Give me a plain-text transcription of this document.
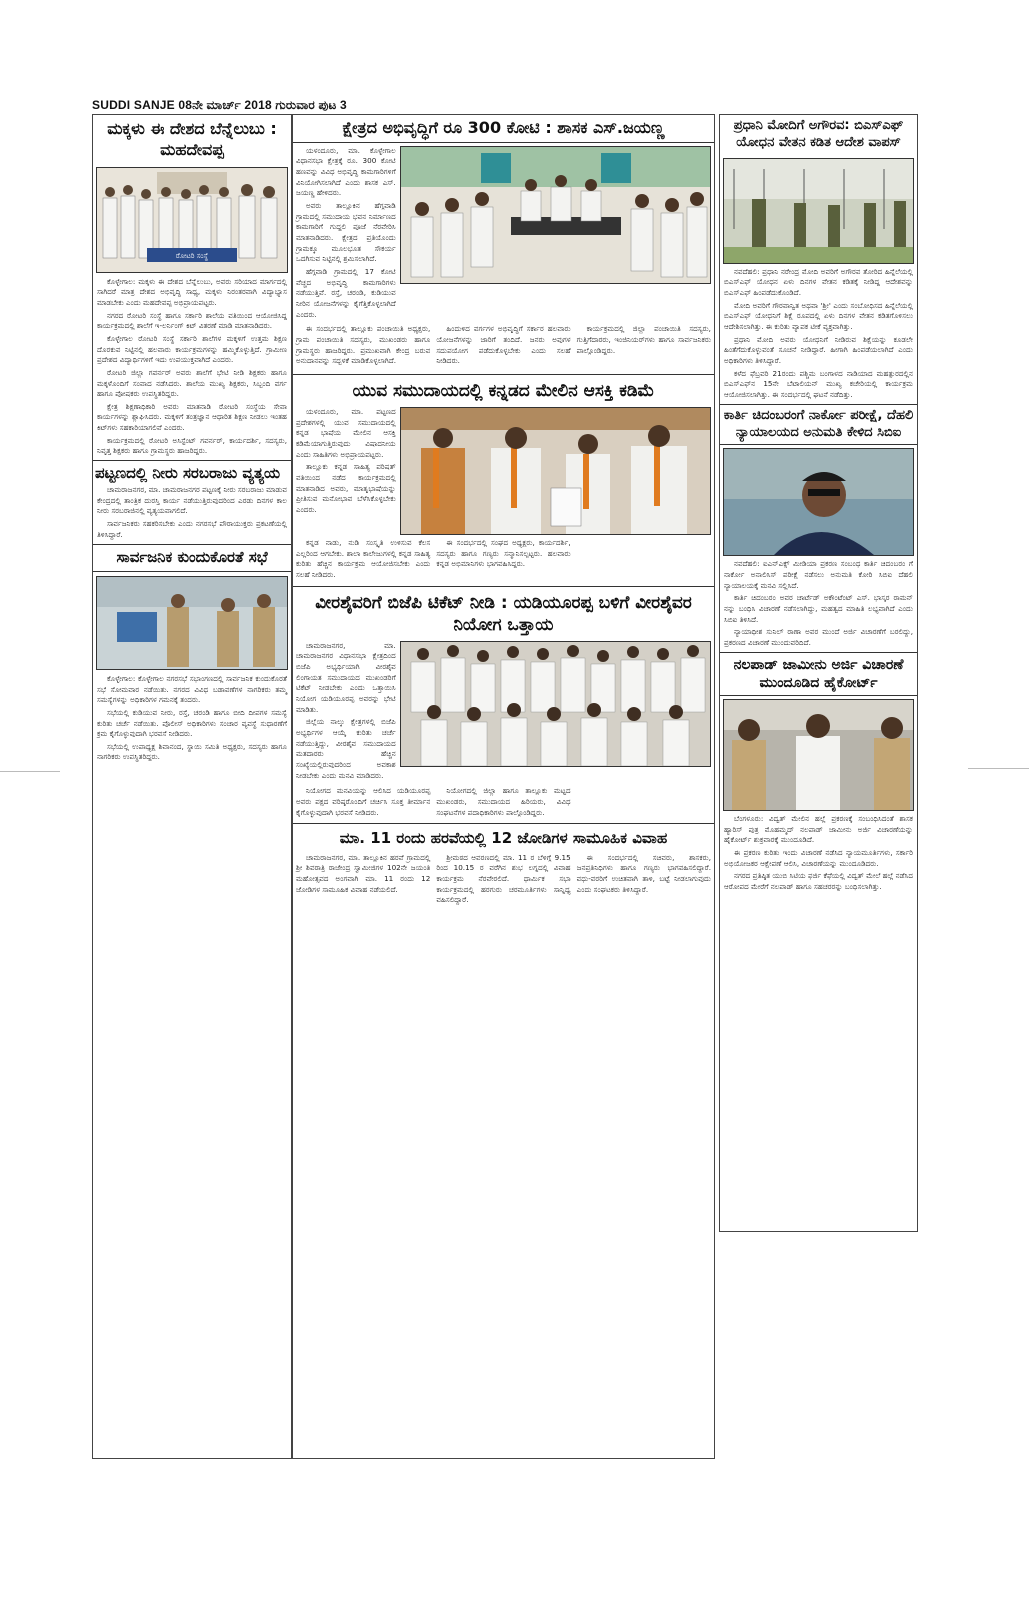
SUDDI SANJE 08ನೇ ಮಾರ್ಚ್ 2018 ಗುರುವಾರ ಪುಟ 3
ಮಕ್ಕಳು ಈ ದೇಶದ ಬೆನ್ನೆಲುಬು : ಮಹದೇವಪ್ಪ
ರೋಟರಿ ಸಂಸ್ಥೆ

ಕೊಳ್ಳೇಗಾಲ: ಮಕ್ಕಳು ಈ ದೇಶದ ಬೆನ್ನೆಲುಬು, ಅವರು ಸರಿಯಾದ ಮಾರ್ಗದಲ್ಲಿ ಸಾಗಿದರೆ ಮಾತ್ರ ದೇಶದ ಅಭಿವೃದ್ಧಿ ಸಾಧ್ಯ, ಮಕ್ಕಳು ನಿರಂತರವಾಗಿ ವಿದ್ಯಾಭ್ಯಾಸ ಮಾಡಬೇಕು ಎಂದು ಮಹದೇವಪ್ಪ ಅಭಿಪ್ರಾಯಪಟ್ಟರು.

ನಗರದ ರೋಟರಿ ಸಂಸ್ಥೆ ಹಾಗೂ ಸರ್ಕಾರಿ ಶಾಲೆಯ ವತಿಯಿಂದ ಆಯೋಜಿಸಿದ್ದ ಕಾರ್ಯಕ್ರಮದಲ್ಲಿ ಶಾಲೆಗೆ ಇ-ಲರ್ನಿಂಗ್ ಕಿಟ್ ವಿತರಣೆ ಮಾಡಿ ಮಾತನಾಡಿದರು.

ಕೊಳ್ಳೇಗಾಲ ರೋಟರಿ ಸಂಸ್ಥೆ ಸರ್ಕಾರಿ ಶಾಲೆಗಳ ಮಕ್ಕಳಿಗೆ ಉತ್ತಮ ಶಿಕ್ಷಣ ದೊರಕುವ ನಿಟ್ಟಿನಲ್ಲಿ ಹಲವಾರು ಕಾರ್ಯಕ್ರಮಗಳನ್ನು ಹಮ್ಮಿಕೊಳ್ಳುತ್ತಿದೆ. ಗ್ರಾಮೀಣ ಪ್ರದೇಶದ ವಿದ್ಯಾರ್ಥಿಗಳಿಗೆ ಇದು ಉಪಯುಕ್ತವಾಗಿದೆ ಎಂದರು.

ರೋಟರಿ ಜಿಲ್ಲಾ ಗವರ್ನರ್ ಅವರು ಶಾಲೆಗೆ ಭೇಟಿ ನೀಡಿ ಶಿಕ್ಷಕರು ಹಾಗೂ ಮಕ್ಕಳೊಂದಿಗೆ ಸಂವಾದ ನಡೆಸಿದರು. ಶಾಲೆಯ ಮುಖ್ಯ ಶಿಕ್ಷಕರು, ಸಿಬ್ಬಂದಿ ವರ್ಗ ಹಾಗೂ ಪೋಷಕರು ಉಪಸ್ಥಿತರಿದ್ದರು.

ಕ್ಷೇತ್ರ ಶಿಕ್ಷಣಾಧಿಕಾರಿ ಅವರು ಮಾತನಾಡಿ ರೋಟರಿ ಸಂಸ್ಥೆಯ ಸೇವಾ ಕಾರ್ಯಗಳನ್ನು ಶ್ಲಾಘಿಸಿದರು. ಮಕ್ಕಳಿಗೆ ತಂತ್ರಜ್ಞಾನ ಆಧಾರಿತ ಶಿಕ್ಷಣ ನೀಡಲು ಇಂತಹ ಕಿಟ್‌ಗಳು ಸಹಕಾರಿಯಾಗಲಿವೆ ಎಂದರು.

ಕಾರ್ಯಕ್ರಮದಲ್ಲಿ ರೋಟರಿ ಅಸಿಸ್ಟೆಂಟ್ ಗವರ್ನರ್, ಕಾರ್ಯದರ್ಶಿ, ಸದಸ್ಯರು, ನಿವೃತ್ತ ಶಿಕ್ಷಕರು ಹಾಗೂ ಗ್ರಾಮಸ್ಥರು ಹಾಜರಿದ್ದರು.

ಪಟ್ಟಣದಲ್ಲಿ ನೀರು ಸರಬರಾಜು ವ್ಯತ್ಯಯ

ಚಾಮರಾಜನಗರ, ಮಾ. ಚಾಮರಾಜನಗರ ಪಟ್ಟಣಕ್ಕೆ ನೀರು ಸರಬರಾಜು ಮಾಡುವ ಕೇಂದ್ರದಲ್ಲಿ ತಾಂತ್ರಿಕ ದುರಸ್ತಿ ಕಾರ್ಯ ನಡೆಯುತ್ತಿರುವುದರಿಂದ ಎರಡು ದಿನಗಳ ಕಾಲ ನೀರು ಸರಬರಾಜಿನಲ್ಲಿ ವ್ಯತ್ಯಯವಾಗಲಿದೆ.

ಸಾರ್ವಜನಿಕರು ಸಹಕರಿಸಬೇಕು ಎಂದು ನಗರಸಭೆ ಪೌರಾಯುಕ್ತರು ಪ್ರಕಟಣೆಯಲ್ಲಿ ತಿಳಿಸಿದ್ದಾರೆ.

ಸಾರ್ವಜನಿಕ ಕುಂದುಕೊರತೆ ಸಭೆ

ಕೊಳ್ಳೇಗಾಲ: ಕೊಳ್ಳೇಗಾಲ ನಗರಸಭೆ ಸಭಾಂಗಣದಲ್ಲಿ ಸಾರ್ವಜನಿಕ ಕುಂದುಕೊರತೆ ಸಭೆ ಸೋಮವಾರ ನಡೆಯಿತು. ನಗರದ ವಿವಿಧ ಬಡಾವಣೆಗಳ ನಾಗರಿಕರು ತಮ್ಮ ಸಮಸ್ಯೆಗಳನ್ನು ಅಧಿಕಾರಿಗಳ ಗಮನಕ್ಕೆ ತಂದರು.

ಸಭೆಯಲ್ಲಿ ಕುಡಿಯುವ ನೀರು, ರಸ್ತೆ, ಚರಂಡಿ ಹಾಗೂ ಬೀದಿ ದೀಪಗಳ ಸಮಸ್ಯೆ ಕುರಿತು ಚರ್ಚೆ ನಡೆಯಿತು. ಪೊಲೀಸ್ ಅಧಿಕಾರಿಗಳು ಸಂಚಾರ ವ್ಯವಸ್ಥೆ ಸುಧಾರಣೆಗೆ ಕ್ರಮ ಕೈಗೊಳ್ಳುವುದಾಗಿ ಭರವಸೆ ನೀಡಿದರು.

ಸಭೆಯಲ್ಲಿ ಉಪಾಧ್ಯಕ್ಷ ಶಿವಾನಂದ, ಸ್ಥಾಯಿ ಸಮಿತಿ ಅಧ್ಯಕ್ಷರು, ಸದಸ್ಯರು ಹಾಗೂ ನಾಗರಿಕರು ಉಪಸ್ಥಿತರಿದ್ದರು.

ಕ್ಷೇತ್ರದ ಅಭಿವೃದ್ಧಿಗೆ ರೂ 300 ಕೋಟಿ : ಶಾಸಕ ಎಸ್.ಜಯಣ್ಣ

ಯಳಂದೂರು, ಮಾ. ಕೊಳ್ಳೇಗಾಲ ವಿಧಾನಸಭಾ ಕ್ಷೇತ್ರಕ್ಕೆ ರೂ. 300 ಕೋಟಿ ಹಣವನ್ನು ವಿವಿಧ ಅಭಿವೃದ್ಧಿ ಕಾಮಗಾರಿಗಳಿಗೆ ವಿನಿಯೋಗಿಸಲಾಗಿದೆ ಎಂದು ಶಾಸಕ ಎಸ್. ಜಯಣ್ಣ ಹೇಳಿದರು.

ಅವರು ತಾಲ್ಲೂಕಿನ ಹೆಗ್ಗವಾಡಿ ಗ್ರಾಮದಲ್ಲಿ ಸಮುದಾಯ ಭವನ ನಿರ್ಮಾಣದ ಕಾಮಗಾರಿಗೆ ಗುದ್ದಲಿ ಪೂಜೆ ನೆರವೇರಿಸಿ ಮಾತನಾಡಿದರು. ಕ್ಷೇತ್ರದ ಪ್ರತಿಯೊಂದು ಗ್ರಾಮಕ್ಕೂ ಮೂಲಭೂತ ಸೌಕರ್ಯ ಒದಗಿಸುವ ನಿಟ್ಟಿನಲ್ಲಿ ಶ್ರಮಿಸಲಾಗಿದೆ.

ಹೆಗ್ಗವಾಡಿ ಗ್ರಾಮದಲ್ಲಿ 17 ಕೋಟಿ ವೆಚ್ಚದ ಅಭಿವೃದ್ಧಿ ಕಾಮಗಾರಿಗಳು ನಡೆಯುತ್ತಿವೆ. ರಸ್ತೆ, ಚರಂಡಿ, ಕುಡಿಯುವ ನೀರಿನ ಯೋಜನೆಗಳನ್ನು ಕೈಗೆತ್ತಿಕೊಳ್ಳಲಾಗಿದೆ ಎಂದರು.

ಈ ಸಂದರ್ಭದಲ್ಲಿ ತಾಲ್ಲೂಕು ಪಂಚಾಯಿತಿ ಅಧ್ಯಕ್ಷರು, ಗ್ರಾಮ ಪಂಚಾಯಿತಿ ಸದಸ್ಯರು, ಮುಖಂಡರು ಹಾಗೂ ಗ್ರಾಮಸ್ಥರು ಹಾಜರಿದ್ದರು. ಪ್ರಮುಖವಾಗಿ ಕೇಂದ್ರ ಬರುವ ಅನುದಾನವನ್ನು ಸದ್ಬಳಕೆ ಮಾಡಿಕೊಳ್ಳಲಾಗಿದೆ.

ಹಿಂದುಳಿದ ವರ್ಗಗಳ ಅಭಿವೃದ್ಧಿಗೆ ಸರ್ಕಾರ ಹಲವಾರು ಯೋಜನೆಗಳನ್ನು ಜಾರಿಗೆ ತಂದಿದೆ. ಜನರು ಅವುಗಳ ಸದುಪಯೋಗ ಪಡೆದುಕೊಳ್ಳಬೇಕು ಎಂದು ಸಲಹೆ ನೀಡಿದರು.

ಕಾರ್ಯಕ್ರಮದಲ್ಲಿ ಜಿಲ್ಲಾ ಪಂಚಾಯಿತಿ ಸದಸ್ಯರು, ಗುತ್ತಿಗೆದಾರರು, ಇಂಜಿನಿಯರ್‌ಗಳು ಹಾಗೂ ಸಾರ್ವಜನಿಕರು ಪಾಲ್ಗೊಂಡಿದ್ದರು.

ಯುವ ಸಮುದಾಯದಲ್ಲಿ ಕನ್ನಡದ ಮೇಲಿನ ಆಸಕ್ತಿ ಕಡಿಮೆ

ಯಳಂದೂರು, ಮಾ. ಪಟ್ಟಣದ ಪ್ರದೇಶಗಳಲ್ಲಿ ಯುವ ಸಮುದಾಯದಲ್ಲಿ ಕನ್ನಡ ಭಾಷೆಯ ಮೇಲಿನ ಆಸಕ್ತಿ ಕಡಿಮೆಯಾಗುತ್ತಿರುವುದು ವಿಷಾದನೀಯ ಎಂದು ಸಾಹಿತಿಗಳು ಅಭಿಪ್ರಾಯಪಟ್ಟರು.

ತಾಲ್ಲೂಕು ಕನ್ನಡ ಸಾಹಿತ್ಯ ಪರಿಷತ್ ವತಿಯಿಂದ ನಡೆದ ಕಾರ್ಯಕ್ರಮದಲ್ಲಿ ಮಾತನಾಡಿದ ಅವರು, ಮಾತೃಭಾಷೆಯನ್ನು ಪ್ರೀತಿಸುವ ಮನೋಭಾವ ಬೆಳೆಸಿಕೊಳ್ಳಬೇಕು ಎಂದರು.

ಕನ್ನಡ ನಾಡು, ನುಡಿ ಸಂಸ್ಕೃತಿ ಉಳಿಸುವ ಕೆಲಸ ಎಲ್ಲರಿಂದ ಆಗಬೇಕು. ಶಾಲಾ ಕಾಲೇಜುಗಳಲ್ಲಿ ಕನ್ನಡ ಸಾಹಿತ್ಯ ಕುರಿತು ಹೆಚ್ಚಿನ ಕಾರ್ಯಕ್ರಮ ಆಯೋಜಿಸಬೇಕು ಎಂದು ಸಲಹೆ ನೀಡಿದರು.

ಈ ಸಂದರ್ಭದಲ್ಲಿ ಸಂಘದ ಅಧ್ಯಕ್ಷರು, ಕಾರ್ಯದರ್ಶಿ, ಸದಸ್ಯರು ಹಾಗೂ ಗಣ್ಯರು ಸನ್ಮಾನಿಸಲ್ಪಟ್ಟರು. ಹಲವಾರು ಕನ್ನಡ ಅಭಿಮಾನಿಗಳು ಭಾಗವಹಿಸಿದ್ದರು.

ವೀರಶೈವರಿಗೆ ಬಿಜೆಪಿ ಟಿಕೆಟ್ ನೀಡಿ : ಯಡಿಯೂರಪ್ಪ ಬಳಿಗೆ ವೀರಶೈವರ ನಿಯೋಗ ಒತ್ತಾಯ

ಚಾಮರಾಜನಗರ, ಮಾ. ಚಾಮರಾಜನಗರ ವಿಧಾನಸಭಾ ಕ್ಷೇತ್ರದಿಂದ ಬಿಜೆಪಿ ಅಭ್ಯರ್ಥಿಯಾಗಿ ವೀರಶೈವ ಲಿಂಗಾಯತ ಸಮುದಾಯದ ಮುಖಂಡರಿಗೆ ಟಿಕೆಟ್ ನೀಡಬೇಕು ಎಂದು ಒತ್ತಾಯಿಸಿ ನಿಯೋಗ ಯಡಿಯೂರಪ್ಪ ಅವರನ್ನು ಭೇಟಿ ಮಾಡಿತು.

ಜಿಲ್ಲೆಯ ನಾಲ್ಕು ಕ್ಷೇತ್ರಗಳಲ್ಲಿ ಬಿಜೆಪಿ ಅಭ್ಯರ್ಥಿಗಳ ಆಯ್ಕೆ ಕುರಿತು ಚರ್ಚೆ ನಡೆಯುತ್ತಿದ್ದು, ವೀರಶೈವ ಸಮುದಾಯದ ಮತದಾರರು ಹೆಚ್ಚಿನ ಸಂಖ್ಯೆಯಲ್ಲಿರುವುದರಿಂದ ಅವಕಾಶ ನೀಡಬೇಕು ಎಂದು ಮನವಿ ಮಾಡಿದರು.

ನಿಯೋಗದ ಮನವಿಯನ್ನು ಆಲಿಸಿದ ಯಡಿಯೂರಪ್ಪ ಅವರು ಪಕ್ಷದ ವರಿಷ್ಠರೊಂದಿಗೆ ಚರ್ಚಿಸಿ ಸೂಕ್ತ ತೀರ್ಮಾನ ಕೈಗೊಳ್ಳುವುದಾಗಿ ಭರವಸೆ ನೀಡಿದರು.

ನಿಯೋಗದಲ್ಲಿ ಜಿಲ್ಲಾ ಹಾಗೂ ತಾಲ್ಲೂಕು ಮಟ್ಟದ ಮುಖಂಡರು, ಸಮುದಾಯದ ಹಿರಿಯರು, ವಿವಿಧ ಸಂಘಟನೆಗಳ ಪದಾಧಿಕಾರಿಗಳು ಪಾಲ್ಗೊಂಡಿದ್ದರು.

ಮಾ. 11 ರಂದು ಹರವೆಯಲ್ಲಿ 12 ಜೋಡಿಗಳ ಸಾಮೂಹಿಕ ವಿವಾಹ

ಚಾಮರಾಜನಗರ, ಮಾ. ತಾಲ್ಲೂಕಿನ ಹರವೆ ಗ್ರಾಮದಲ್ಲಿ ಶ್ರೀ ಶಿವರಾತ್ರಿ ರಾಜೇಂದ್ರ ಸ್ವಾಮೀಜಿಗಳ 102ನೇ ಜಯಂತಿ ಮಹೋತ್ಸವದ ಅಂಗವಾಗಿ ಮಾ. 11 ರಂದು 12 ಜೋಡಿಗಳ ಸಾಮೂಹಿಕ ವಿವಾಹ ನಡೆಯಲಿದೆ.

ಶ್ರೀಮಠದ ಆವರಣದಲ್ಲಿ ಮಾ. 11 ರ ಬೆಳಿಗ್ಗೆ 9.15 ರಿಂದ 10.15 ರ ವರೆಗಿನ ಶುಭ ಲಗ್ನದಲ್ಲಿ ವಿವಾಹ ಕಾರ್ಯಕ್ರಮ ನೆರವೇರಲಿದೆ. ಧಾರ್ಮಿಕ ಸಭಾ ಕಾರ್ಯಕ್ರಮದಲ್ಲಿ ಹರಗುರು ಚರಮೂರ್ತಿಗಳು ಸಾನ್ನಿಧ್ಯ ವಹಿಸಲಿದ್ದಾರೆ.

ಈ ಸಂದರ್ಭದಲ್ಲಿ ಸಚಿವರು, ಶಾಸಕರು, ಜನಪ್ರತಿನಿಧಿಗಳು ಹಾಗೂ ಗಣ್ಯರು ಭಾಗವಹಿಸಲಿದ್ದಾರೆ. ವಧು-ವರರಿಗೆ ಉಚಿತವಾಗಿ ತಾಳಿ, ಬಟ್ಟೆ ನೀಡಲಾಗುವುದು ಎಂದು ಸಂಘಟಕರು ತಿಳಿಸಿದ್ದಾರೆ.

ಪ್ರಧಾನಿ ಮೋದಿಗೆ ಅಗೌರವ: ಬಿಎಸ್‌ಎಫ್ ಯೋಧನ ವೇತನ ಕಡಿತ ಆದೇಶ ವಾಪಸ್

ನವದೆಹಲಿ: ಪ್ರಧಾನಿ ನರೇಂದ್ರ ಮೋದಿ ಅವರಿಗೆ ಅಗೌರವ ತೋರಿದ ಹಿನ್ನೆಲೆಯಲ್ಲಿ ಬಿಎಸ್‌ಎಫ್ ಯೋಧನ ಏಳು ದಿನಗಳ ವೇತನ ಕಡಿತಕ್ಕೆ ನೀಡಿದ್ದ ಆದೇಶವನ್ನು ಬಿಎಸ್‌ಎಫ್ ಹಿಂಪಡೆದುಕೊಂಡಿದೆ.

ಮೋದಿ ಅವರಿಗೆ ಗೌರವಾನ್ವಿತ ಅಥವಾ 'ಶ್ರೀ' ಎಂದು ಸಂಬೋಧಿಸದ ಹಿನ್ನೆಲೆಯಲ್ಲಿ ಬಿಎಸ್‌ಎಫ್ ಯೋಧನಿಗೆ ಶಿಕ್ಷೆ ರೂಪದಲ್ಲಿ ಏಳು ದಿನಗಳ ವೇತನ ಕಡಿತಗೊಳಿಸಲು ಆದೇಶಿಸಲಾಗಿತ್ತು. ಈ ಕುರಿತು ವ್ಯಾಪಕ ಟೀಕೆ ವ್ಯಕ್ತವಾಗಿತ್ತು.

ಪ್ರಧಾನಿ ಮೋದಿ ಅವರು ಯೋಧನಿಗೆ ನೀಡಿರುವ ಶಿಕ್ಷೆಯನ್ನು ಕೂಡಲೇ ಹಿಂತೆಗೆದುಕೊಳ್ಳುವಂತೆ ಸೂಚನೆ ನೀಡಿದ್ದಾರೆ. ಹೀಗಾಗಿ ಹಿಂಪಡೆಯಲಾಗಿದೆ ಎಂದು ಅಧಿಕಾರಿಗಳು ತಿಳಿಸಿದ್ದಾರೆ.

ಕಳೆದ ಫೆಬ್ರವರಿ 21ರಂದು ಪಶ್ಚಿಮ ಬಂಗಾಳದ ನಾಡಿಯಾದ ಮಹತ್ಪುರದಲ್ಲಿನ ಬಿಎಸ್‌ಎಫ್‌ನ 15ನೇ ಬೆಟಾಲಿಯನ್ ಮುಖ್ಯ ಕಚೇರಿಯಲ್ಲಿ ಕಾರ್ಯಕ್ರಮ ಆಯೋಜಿಸಲಾಗಿತ್ತು. ಈ ಸಂದರ್ಭದಲ್ಲಿ ಘಟನೆ ನಡೆದಿತ್ತು.

ಕಾರ್ತಿ ಚಿದಂಬರಂಗೆ ನಾರ್ಕೋ ಪರೀಕ್ಷೆ, ದೆಹಲಿ ನ್ಯಾಯಾಲಯದ ಅನುಮತಿ ಕೇಳಿದ ಸಿಬಿಐ

ನವದೆಹಲಿ: ಐಎನ್‌ಎಕ್ಸ್ ಮೀಡಿಯಾ ಪ್ರಕರಣ ಸಂಬಂಧ ಕಾರ್ತಿ ಚಿದಂಬರಂ ಗೆ ನಾರ್ಕೋ ಅನಾಲಿಸಿಸ್ ಪರೀಕ್ಷೆ ನಡೆಸಲು ಅನುಮತಿ ಕೋರಿ ಸಿಬಿಐ ದೆಹಲಿ ನ್ಯಾಯಾಲಯಕ್ಕೆ ಮನವಿ ಸಲ್ಲಿಸಿದೆ.

ಕಾರ್ತಿ ಚಿದಂಬರಂ ಅವರ ಚಾರ್ಟೆಡ್ ಅಕೌಂಟೆಂಟ್ ಎಸ್. ಭಾಸ್ಕರ ರಾಮನ್ ನನ್ನು ಬಂಧಿಸಿ ವಿಚಾರಣೆ ನಡೆಸಲಾಗಿದ್ದು, ಮಹತ್ವದ ಮಾಹಿತಿ ಲಭ್ಯವಾಗಿದೆ ಎಂದು ಸಿಬಿಐ ತಿಳಿಸಿದೆ.

ನ್ಯಾಯಾಧೀಶ ಸುನಿಲ್ ರಾಣಾ ಅವರ ಮುಂದೆ ಅರ್ಜಿ ವಿಚಾರಣೆಗೆ ಬರಲಿದ್ದು, ಪ್ರಕರಣದ ವಿಚಾರಣೆ ಮುಂದುವರಿದಿದೆ.

ನಲಪಾಡ್ ಜಾಮೀನು ಅರ್ಜಿ ವಿಚಾರಣೆ ಮುಂದೂಡಿದ ಹೈಕೋರ್ಟ್

ಬೆಂಗಳೂರು: ವಿದ್ವತ್ ಮೇಲಿನ ಹಲ್ಲೆ ಪ್ರಕರಣಕ್ಕೆ ಸಂಬಂಧಿಸಿದಂತೆ ಶಾಸಕ ಹ್ಯಾರಿಸ್ ಪುತ್ರ ಮೊಹಮ್ಮದ್ ನಲಪಾಡ್ ಜಾಮೀನು ಅರ್ಜಿ ವಿಚಾರಣೆಯನ್ನು ಹೈಕೋರ್ಟ್ ಶುಕ್ರವಾರಕ್ಕೆ ಮುಂದೂಡಿದೆ.

ಈ ಪ್ರಕರಣ ಕುರಿತು ಇಂದು ವಿಚಾರಣೆ ನಡೆಸಿದ ನ್ಯಾಯಮೂರ್ತಿಗಳು, ಸರ್ಕಾರಿ ಅಭಿಯೋಜಕರ ಆಕ್ಷೇಪಣೆ ಆಲಿಸಿ, ವಿಚಾರಣೆಯನ್ನು ಮುಂದೂಡಿದರು.

ನಗರದ ಪ್ರತಿಷ್ಠಿತ ಯುಬಿ ಸಿಟಿಯ ಫರ್ಜಿ ಕೆಫೆಯಲ್ಲಿ ವಿದ್ವತ್ ಮೇಲೆ ಹಲ್ಲೆ ನಡೆಸಿದ ಆರೋಪದ ಮೇರೆಗೆ ನಲಪಾಡ್ ಹಾಗೂ ಸಹಚರರನ್ನು ಬಂಧಿಸಲಾಗಿತ್ತು.
